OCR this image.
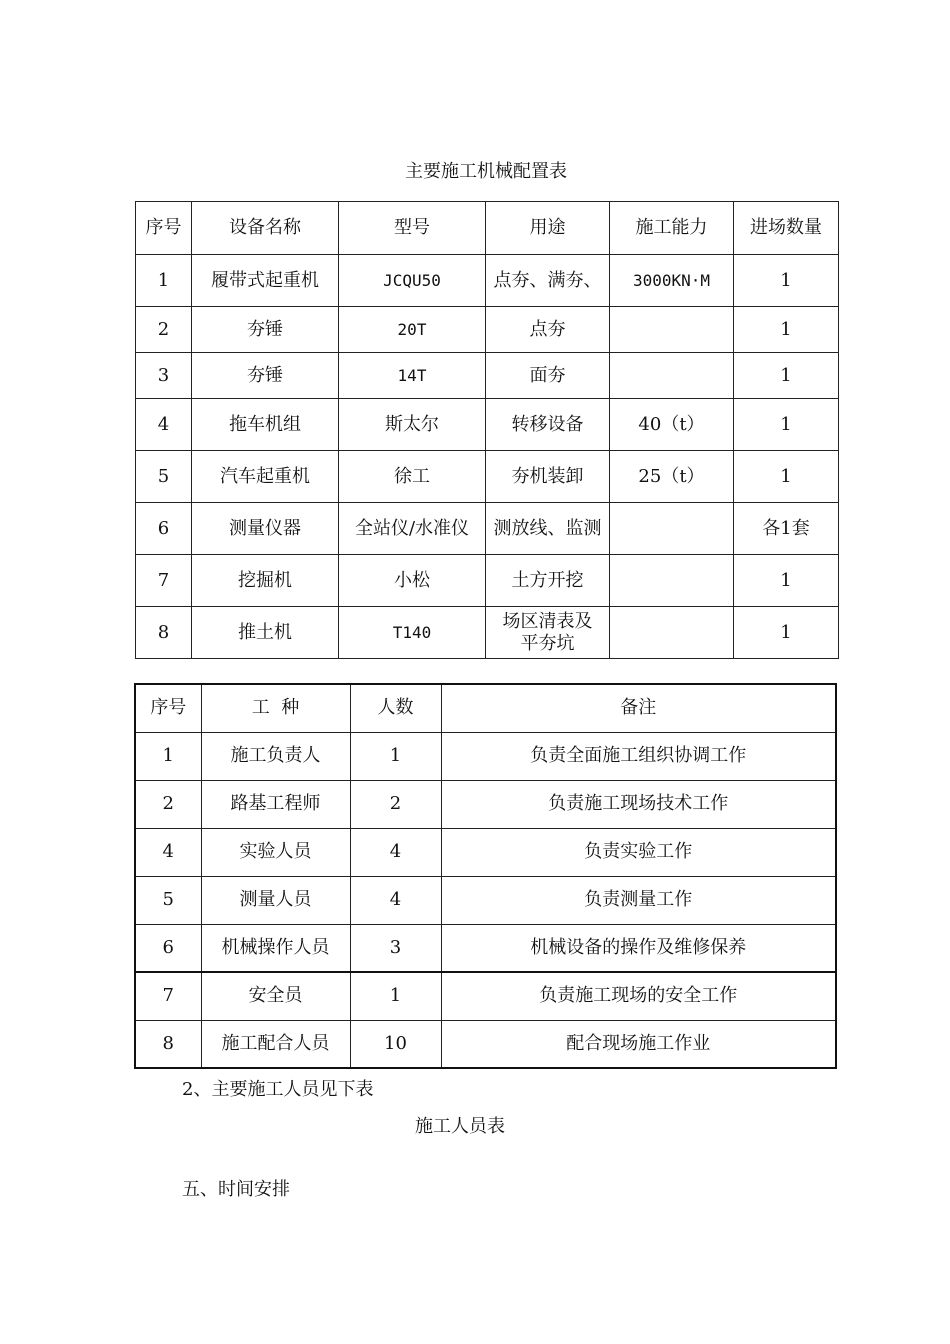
主要施工机械配置表
序号	设备名称	型号	用途	施工能力	进场数量
1	履带式起重机	JCQU50	点夯、满夯、	3000KN·M	1
2	夯锤	20T	点夯		1
3	夯锤	14T	面夯		1
4	拖车机组	斯太尔	转移设备	40（t）	1
5	汽车起重机	徐工	夯机装卸	25（t）	1
6	测量仪器	全站仪/水准仪	测放线、监测		各1套
7	挖掘机	小松	土方开挖		1
8	推土机	T140	场区清表及平夯坑		1
序号	工  种	人数	备注
1	施工负责人	1	负责全面施工组织协调工作
2	路基工程师	2	负责施工现场技术工作
4	实验人员	4	负责实验工作
5	测量人员	4	负责测量工作
6	机械操作人员	3	机械设备的操作及维修保养
7	安全员	1	负责施工现场的安全工作
8	施工配合人员	10	配合现场施工作业
2、主要施工人员见下表
施工人员表
五、时间安排
